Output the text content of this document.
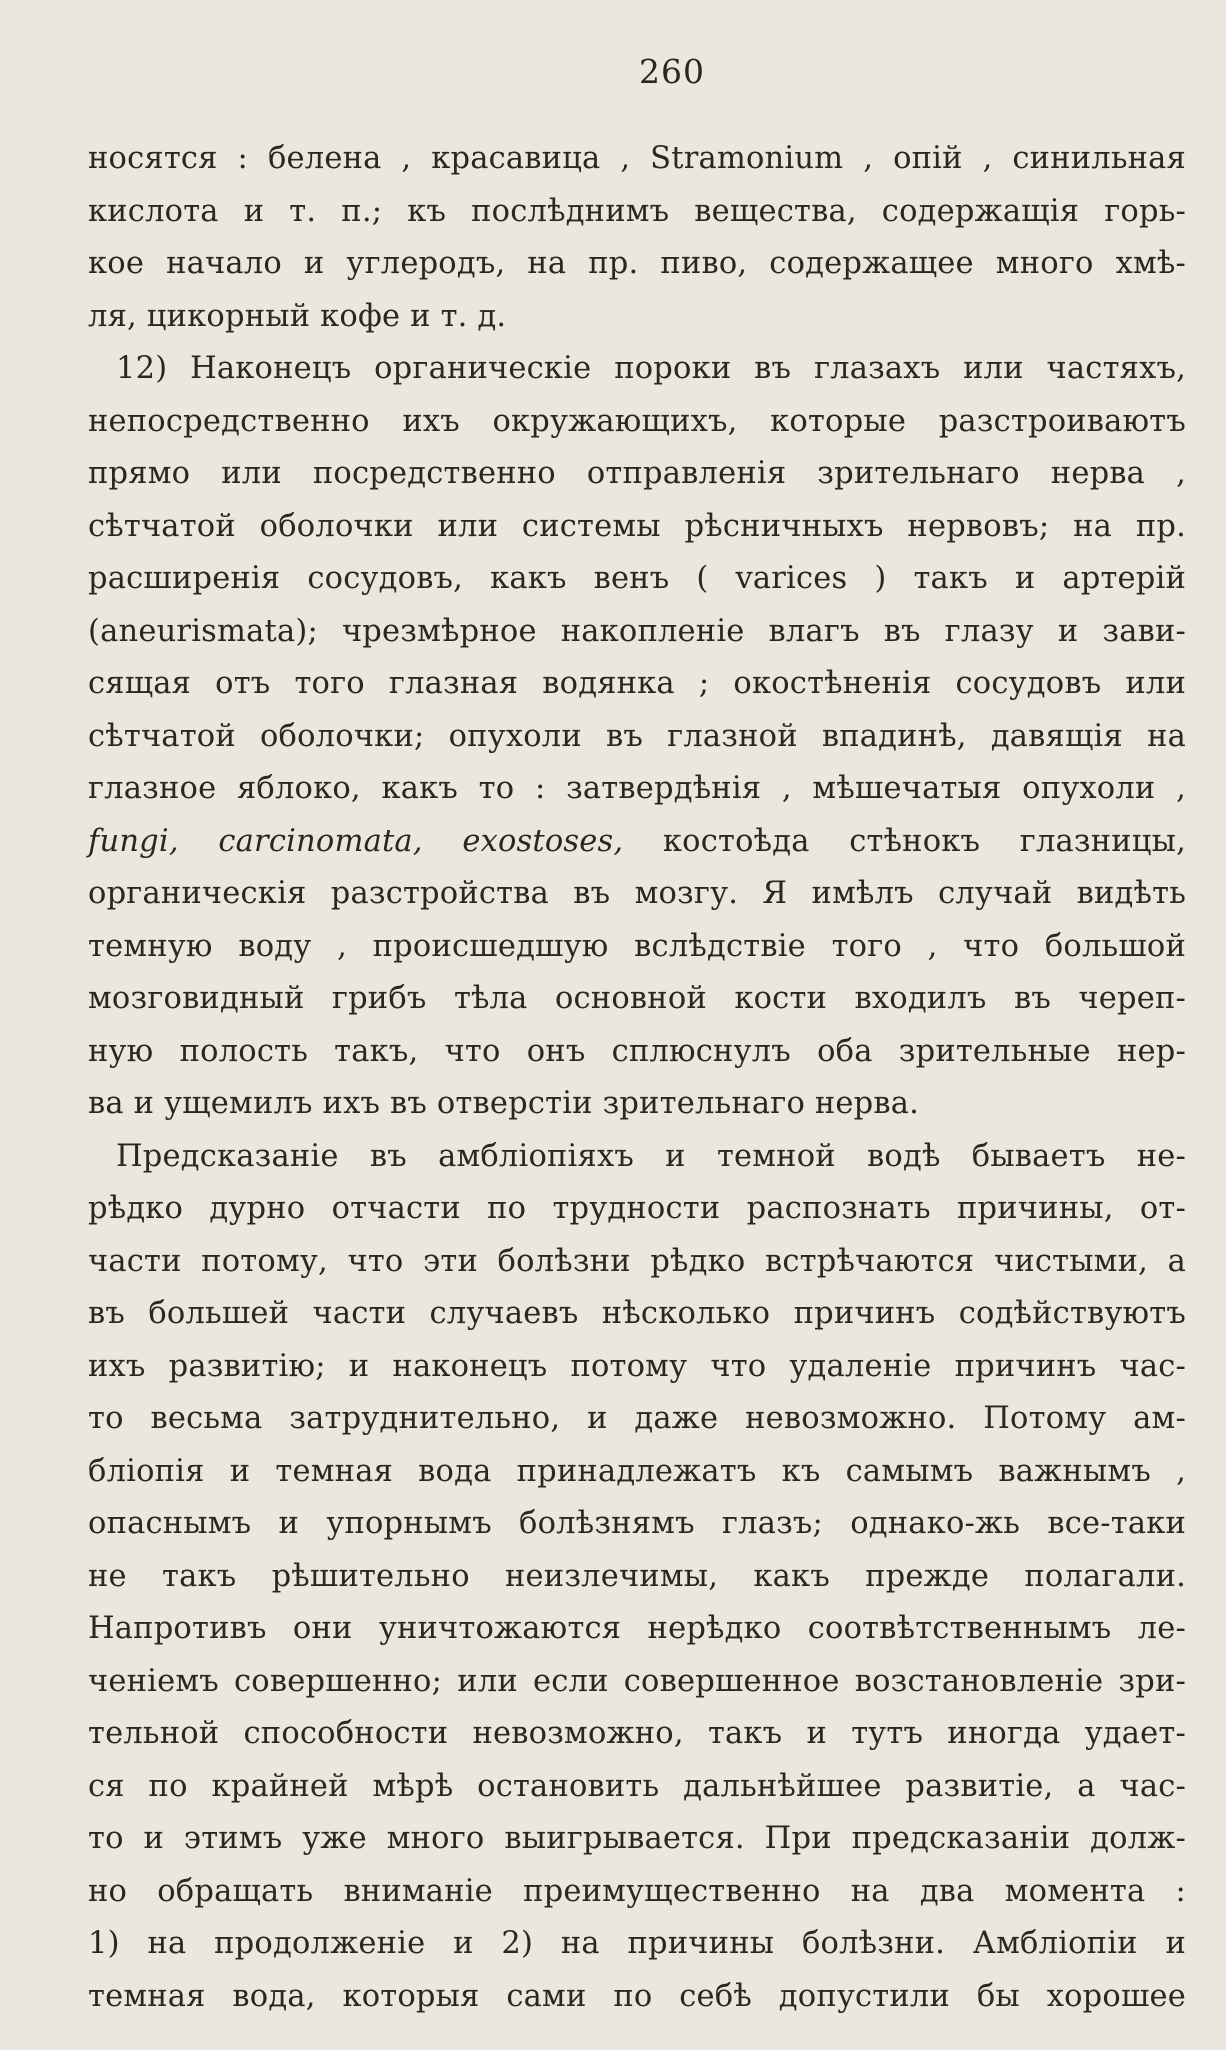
260
носятся : белена , красавица , Stramonium , опій , синильная
кислота и т. п.; къ послѣднимъ вещества, содержащія горь-
кое начало и углеродъ, на пр. пиво, содержащее много хмѣ-
ля, цикорный кофе и т. д.
12) Наконецъ органическіе пороки въ глазахъ или частяхъ,
непосредственно ихъ окружающихъ, которые разстроиваютъ
прямо или посредственно отправленія зрительнаго нерва ,
сѣтчатой оболочки или системы рѣсничныхъ нервовъ; на пр.
расширенія сосудовъ, какъ венъ ( varices ) такъ и артерій
(aneurismata); чрезмѣрное накопленіе влагъ въ глазу и зави-
сящая отъ того глазная водянка ; окостѣненія сосудовъ или
сѣтчатой оболочки; опухоли въ глазной впадинѣ, давящія на
глазное яблоко, какъ то : затвердѣнія , мѣшечатыя опухоли ,
fungi, carcinomata, exostoses, костоѣда стѣнокъ глазницы,
органическія разстройства въ мозгу. Я имѣлъ случай видѣть
темную воду , происшедшую вслѣдствіе того , что большой
мозговидный грибъ тѣла основной кости входилъ въ череп-
ную полость такъ, что онъ сплюснулъ оба зрительные нер-
ва и ущемилъ ихъ въ отверстіи зрительнаго нерва.
Предсказаніе въ амбліопіяхъ и темной водѣ бываетъ не-
рѣдко дурно отчасти по трудности распознать причины, от-
части потому, что эти болѣзни рѣдко встрѣчаются чистыми, а
въ большей части случаевъ нѣсколько причинъ содѣйствуютъ
ихъ развитію; и наконецъ потому что удаленіе причинъ час-
то весьма затруднительно, и даже невозможно. Потому ам-
бліопія и темная вода принадлежатъ къ самымъ важнымъ ,
опаснымъ и упорнымъ болѣзнямъ глазъ; однако-жь все-таки
не такъ рѣшительно неизлечимы, какъ прежде полагали.
Напротивъ они уничтожаются нерѣдко соотвѣтственнымъ ле-
ченіемъ совершенно; или если совершенное возстановленіе зри-
тельной способности невозможно, такъ и тутъ иногда удает-
ся по крайней мѣрѣ остановить дальнѣйшее развитіе, а час-
то и этимъ уже много выигрывается. При предсказаніи долж-
но обращать вниманіе преимущественно на два момента :
1) на продолженіе и 2) на причины болѣзни. Амбліопіи и
темная вода, которыя сами по себѣ допустили бы хорошее
